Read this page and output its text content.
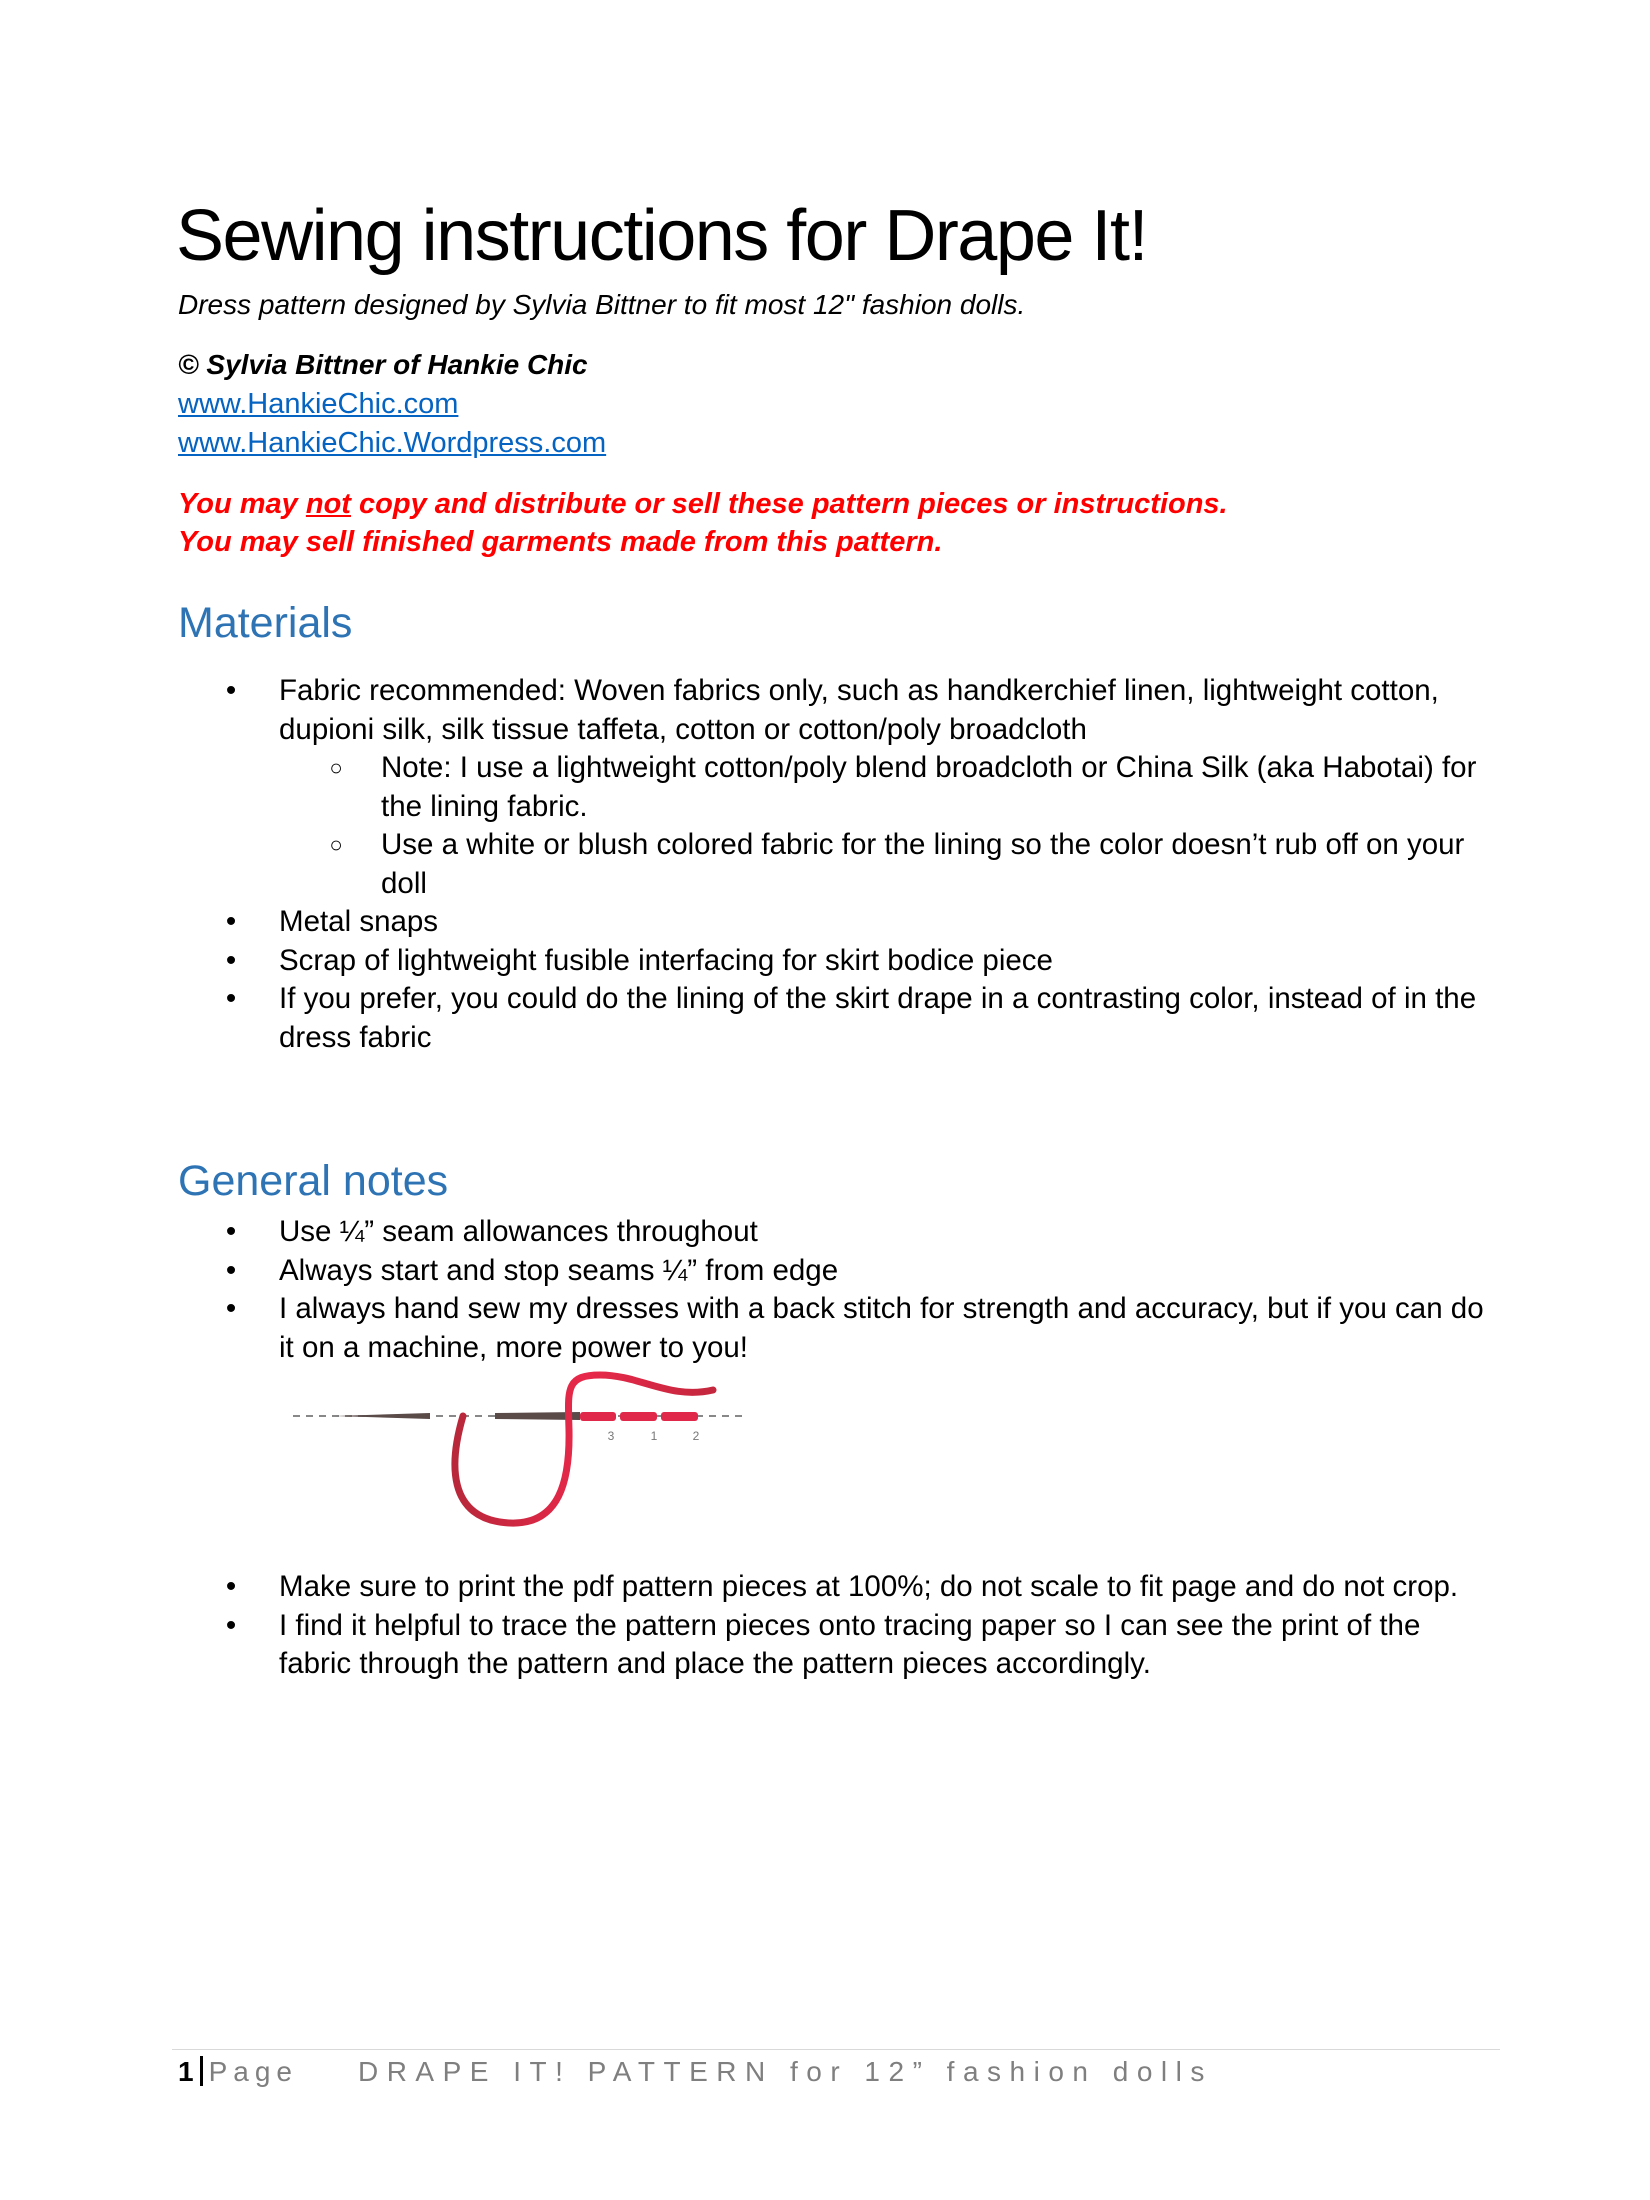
Sewing instructions for Drape It!
Dress pattern designed by Sylvia Bittner to fit most 12" fashion dolls.
© Sylvia Bittner of Hankie Chic
www.HankieChic.com
www.HankieChic.Wordpress.com
You may not copy and distribute or sell these pattern pieces or instructions.
You may sell finished garments made from this pattern.
Materials
• Fabric recommended: Woven fabrics only, such as handkerchief linen, lightweight cotton, dupioni silk, silk tissue taffeta, cotton or cotton/poly broadcloth
○ Note: I use a lightweight cotton/poly blend broadcloth or China Silk (aka Habotai) for the lining fabric.
○ Use a white or blush colored fabric for the lining so the color doesn’t rub off on your doll
• Metal snaps
• Scrap of lightweight fusible interfacing for skirt bodice piece
• If you prefer, you could do the lining of the skirt drape in a contrasting color, instead of in the dress fabric
General notes
• Use ¼” seam allowances throughout
• Always start and stop seams ¼” from edge
• I always hand sew my dresses with a back stitch for strength and accuracy, but if you can do it on a machine, more power to you!
3	1	2
• Make sure to print the pdf pattern pieces at 100%; do not scale to fit page and do not crop.
• I find it helpful to trace the pattern pieces onto tracing paper so I can see the print of the fabric through the pattern and place the pattern pieces accordingly.
1 Page DRAPE IT! PATTERN for 12” fashion dolls
